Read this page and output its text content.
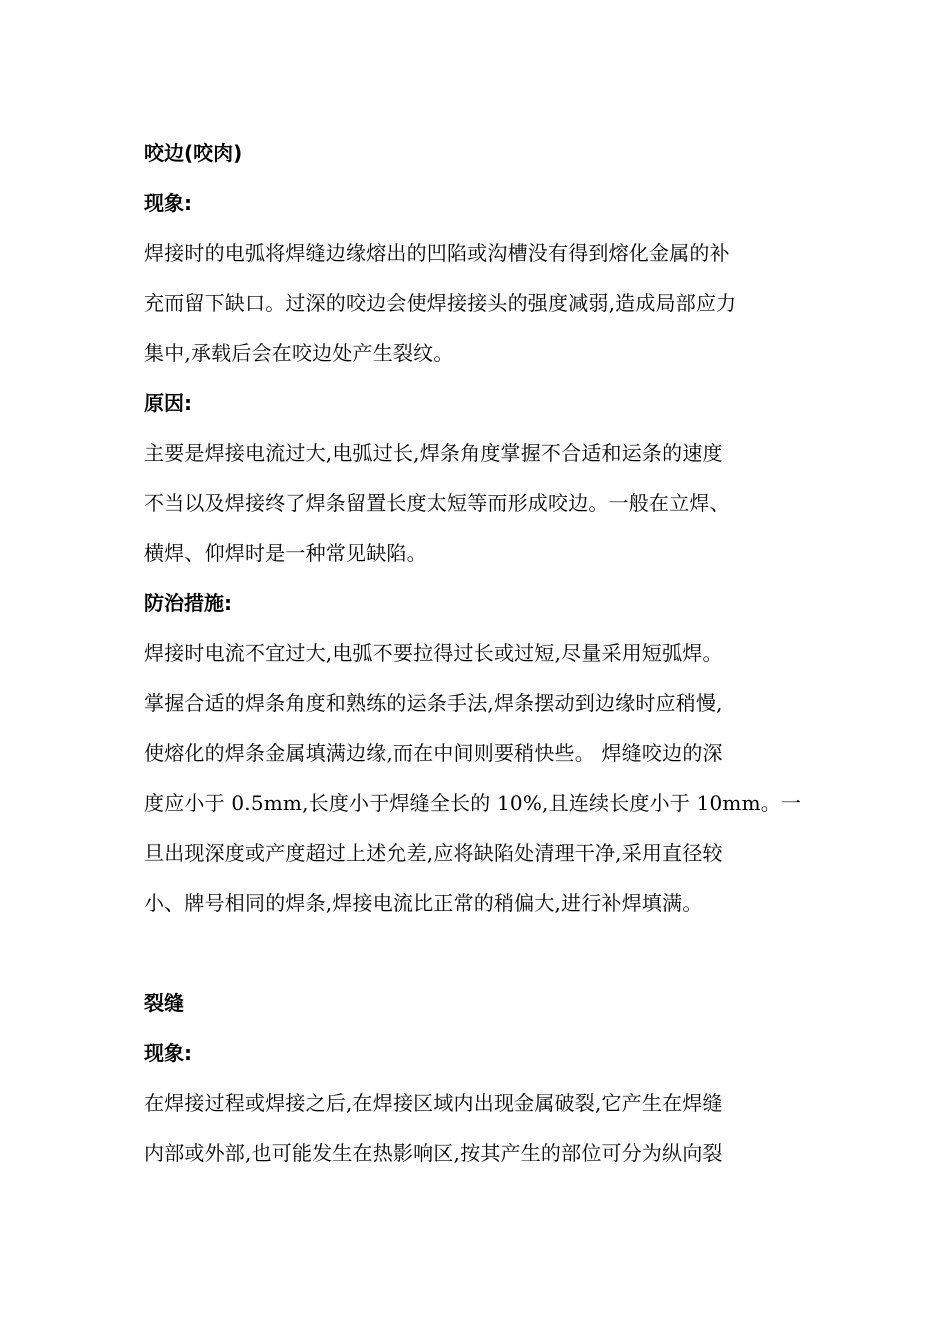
咬边(咬肉)
现象:
焊接时的电弧将焊缝边缘熔出的凹陷或沟槽没有得到熔化金属的补
充而留下缺口。过深的咬边会使焊接接头的强度减弱,造成局部应力
集中,承载后会在咬边处产生裂纹。
原因:
主要是焊接电流过大,电弧过长,焊条角度掌握不合适和运条的速度
不当以及焊接终了焊条留置长度太短等而形成咬边。一般在立焊、
横焊、仰焊时是一种常见缺陷。
防治措施:
焊接时电流不宜过大,电弧不要拉得过长或过短,尽量采用短弧焊。
掌握合适的焊条角度和熟练的运条手法,焊条摆动到边缘时应稍慢,
使熔化的焊条金属填满边缘,而在中间则要稍快些。 焊缝咬边的深
度应小于 0.5mm,长度小于焊缝全长的 10%,且连续长度小于 10mm。一
旦出现深度或产度超过上述允差,应将缺陷处清理干净,采用直径较
小、牌号相同的焊条,焊接电流比正常的稍偏大,进行补焊填满。
裂缝
现象:
在焊接过程或焊接之后,在焊接区域内出现金属破裂,它产生在焊缝
内部或外部,也可能发生在热影响区,按其产生的部位可分为纵向裂
